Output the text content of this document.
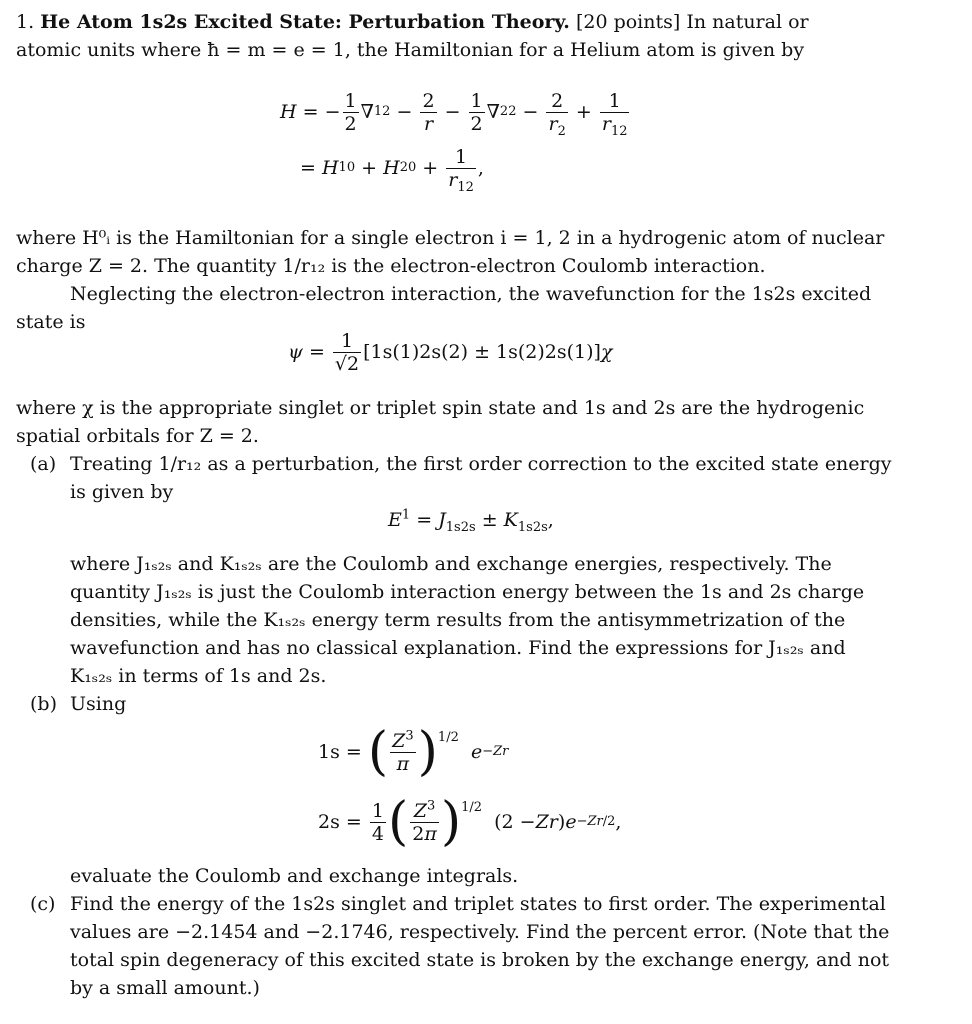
1. He Atom 1s2s Excited State: Perturbation Theory. [20 points] In natural or

atomic units where ħ = m = e = 1, the Hamiltonian for a Helium atom is given by

H = −
1
2
∇ 1 2 −
2
r
−
1
2
∇ 2 2 −
2
$r_2$
+
1
$r_{12}$
= H 1 0 + H 2 0 +
1
$r_{12}$
,

where H⁰ᵢ is the Hamiltonian for a single electron i = 1, 2 in a hydrogenic atom of nuclear

charge Z = 2. The quantity 1/r₁₂ is the electron-electron Coulomb interaction.

Neglecting the electron-electron interaction, the wavefunction for the 1s2s excited

state is

ψ =
1
√2
[1s(1)2s(2) ± 1s(2)2s(1)] χ

where χ is the appropriate singlet or triplet spin state and 1s and 2s are the hydrogenic

spatial orbitals for Z = 2.

(a) Treating 1/r₁₂ as a perturbation, the first order correction to the excited state energy

is given by

$E^1 = J_{1s2s} \pm K_{1s2s}$,

where J₁ₛ₂ₛ and K₁ₛ₂ₛ are the Coulomb and exchange energies, respectively. The

quantity J₁ₛ₂ₛ is just the Coulomb interaction energy between the 1s and 2s charge

densities, while the K₁ₛ₂ₛ energy term results from the antisymmetrization of the

wavefunction and has no classical explanation. Find the expressions for J₁ₛ₂ₛ and

K₁ₛ₂ₛ in terms of 1s and 2s.

(b) Using

1s = ( $Z^3$
π )$^{1/2}$

e −Zr
2s =
1
4 ( $Z^3$
2π )$^{1/2}$
(2 − Zr ) e −Zr/2 ,

evaluate the Coulomb and exchange integrals.

(c) Find the energy of the 1s2s singlet and triplet states to first order. The experimental

values are −2.1454 and −2.1746, respectively. Find the percent error. (Note that the

total spin degeneracy of this excited state is broken by the exchange energy, and not

by a small amount.)
